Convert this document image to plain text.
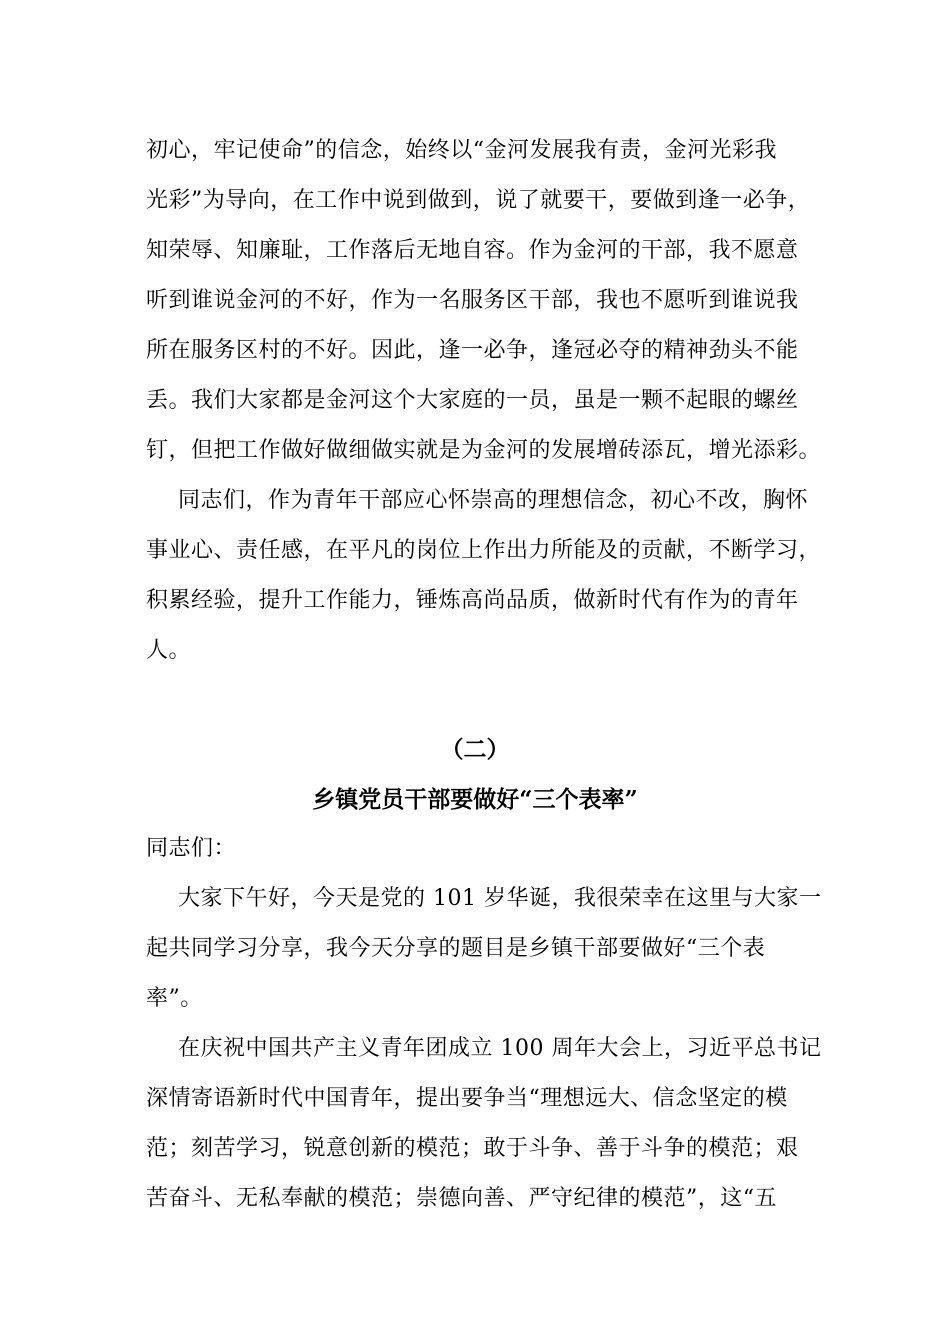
初心，牢记使命”的信念，始终以“金河发展我有责，金河光彩我
光彩”为导向，在工作中说到做到，说了就要干，要做到逢一必争，
知荣辱、知廉耻，工作落后无地自容。作为金河的干部，我不愿意
听到谁说金河的不好，作为一名服务区干部，我也不愿听到谁说我
所在服务区村的不好。因此，逢一必争，逢冠必夺的精神劲头不能
丢。我们大家都是金河这个大家庭的一员，虽是一颗不起眼的螺丝
钉，但把工作做好做细做实就是为金河的发展增砖添瓦，增光添彩。
同志们，作为青年干部应心怀崇高的理想信念，初心不改，胸怀
事业心、责任感，在平凡的岗位上作出力所能及的贡献，不断学习，
积累经验，提升工作能力，锤炼高尚品质，做新时代有作为的青年
人。
（二）
乡镇党员干部要做好“三个表率”
同志们：
大家下午好，今天是党的 101 岁华诞，我很荣幸在这里与大家一
起共同学习分享，我今天分享的题目是乡镇干部要做好“三个表
率”。
在庆祝中国共产主义青年团成立 100 周年大会上，习近平总书记
深情寄语新时代中国青年，提出要争当“理想远大、信念坚定的模
范；刻苦学习，锐意创新的模范；敢于斗争、善于斗争的模范；艰
苦奋斗、无私奉献的模范；崇德向善、严守纪律的模范”，这“五
